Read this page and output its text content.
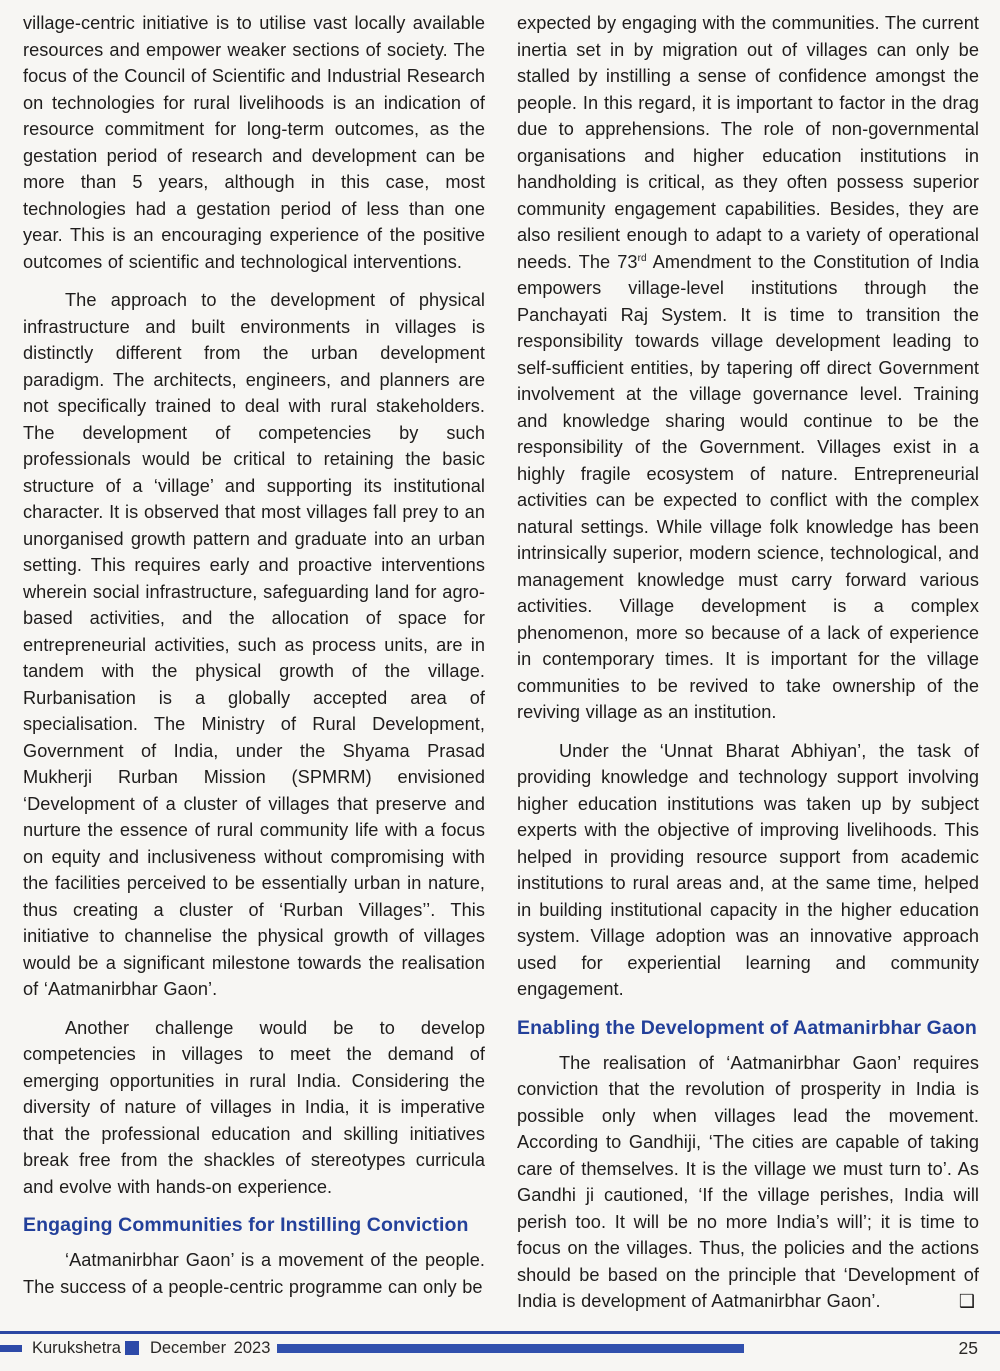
village-centric initiative is to utilise vast locally available resources and empower weaker sections of society. The focus of the Council of Scientific and Industrial Research on technologies for rural livelihoods is an indication of resource commitment for long-term outcomes, as the gestation period of research and development can be more than 5 years, although in this case, most technologies had a gestation period of less than one year. This is an encouraging experience of the positive outcomes of scientific and technological interventions.

The approach to the development of physical infrastructure and built environments in villages is distinctly different from the urban development paradigm. The architects, engineers, and planners are not specifically trained to deal with rural stakeholders. The development of competencies by such professionals would be critical to retaining the basic structure of a ‘village’ and supporting its institutional character. It is observed that most villages fall prey to an unorganised growth pattern and graduate into an urban setting. This requires early and proactive interventions wherein social infrastructure, safeguarding land for agro-based activities, and the allocation of space for entrepreneurial activities, such as process units, are in tandem with the physical growth of the village. Rurbanisation is a globally accepted area of specialisation. The Ministry of Rural Development, Government of India, under the Shyama Prasad Mukherji Rurban Mission (SPMRM) envisioned ‘Development of a cluster of villages that preserve and nurture the essence of rural community life with a focus on equity and inclusiveness without compromising with the facilities perceived to be essentially urban in nature, thus creating a cluster of ‘Rurban Villages’’. This initiative to channelise the physical growth of villages would be a significant milestone towards the realisation of ‘Aatmanirbhar Gaon’.

Another challenge would be to develop competencies in villages to meet the demand of emerging opportunities in rural India. Considering the diversity of nature of villages in India, it is imperative that the professional education and skilling initiatives break free from the shackles of stereotypes curricula and evolve with hands-on experience.

Engaging Communities for Instilling Conviction

‘Aatmanirbhar Gaon’ is a movement of the people. The success of a people-centric programme can only be

expected by engaging with the communities. The current inertia set in by migration out of villages can only be stalled by instilling a sense of confidence amongst the people. In this regard, it is important to factor in the drag due to apprehensions. The role of non-governmental organisations and higher education institutions in handholding is critical, as they often possess superior community engagement capabilities. Besides, they are also resilient enough to adapt to a variety of operational needs. The 73rd Amendment to the Constitution of India empowers village-level institutions through the Panchayati Raj System. It is time to transition the responsibility towards village development leading to self-sufficient entities, by tapering off direct Government involvement at the village governance level. Training and knowledge sharing would continue to be the responsibility of the Government. Villages exist in a highly fragile ecosystem of nature. Entrepreneurial activities can be expected to conflict with the complex natural settings. While village folk knowledge has been intrinsically superior, modern science, technological, and management knowledge must carry forward various activities. Village development is a complex phenomenon, more so because of a lack of experience in contemporary times. It is important for the village communities to be revived to take ownership of the reviving village as an institution.

Under the ‘Unnat Bharat Abhiyan’, the task of providing knowledge and technology support involving higher education institutions was taken up by subject experts with the objective of improving livelihoods. This helped in providing resource support from academic institutions to rural areas and, at the same time, helped in building institutional capacity in the higher education system. Village adoption was an innovative approach used for experiential learning and community engagement.

Enabling the Development of Aatmanirbhar Gaon

The realisation of ‘Aatmanirbhar Gaon’ requires conviction that the revolution of prosperity in India is possible only when villages lead the movement. According to Gandhiji, ‘The cities are capable of taking care of themselves. It is the village we must turn to’. As Gandhi ji cautioned, ‘If the village perishes, India will perish too. It will be no more India’s will’; it is time to focus on the villages. Thus, the policies and the actions should be based on the principle that ‘Development of India is development of Aatmanirbhar Gaon’.	❑

Kurukshetra December 2023	25
